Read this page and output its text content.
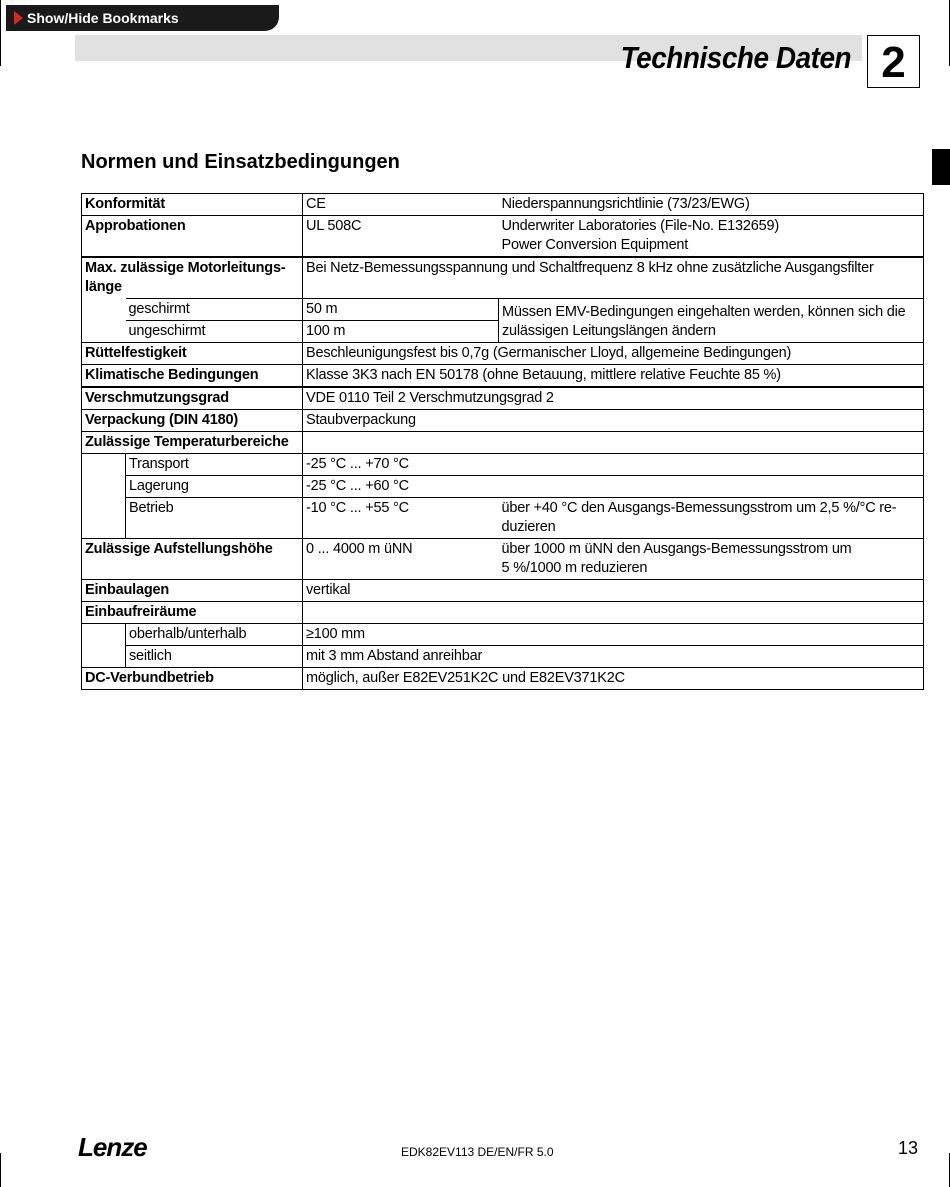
Show/Hide Bookmarks
Technische Daten 2
Normen und Einsatzbedingungen
Konformität		CE	Niederspannungsrichtlinie (73/23/EWG)
Approbationen		UL 508C	Underwriter Laboratories (File-No. E132659)
Power Conversion Equipment

Max. zulässige Motorleitungs-
länge		Bei Netz-Bemessungsspannung und Schaltfrequenz 8 kHz ohne zusätzliche Ausgangsfilter	
	geschirmt	50 m	Müssen EMV-Bedingungen eingehalten werden, können sich die zulässigen Leitungslängen ändern
	ungeschirmt	100 m	
Rüttelfestigkeit		Beschleunigungsfest bis 0,7g (Germanischer Lloyd, allgemeine Bedingungen)	
Klimatische Bedingungen		Klasse 3K3 nach EN 50178 (ohne Betauung, mittlere relative Feuchte 85 %)	
Verschmutzungsgrad		VDE 0110 Teil 2 Verschmutzungsgrad 2	
Verpackung (DIN 4180)		Staubverpackung	
Zulässige Temperaturbereiche			
	Transport	-25 °C ... +70 °C	
	Lagerung	-25 °C ... +60 °C	
	Betrieb	-10 °C ... +55 °C	über +40 °C den Ausgangs-Bemessungsstrom um 2,5 %/°C re-
duzieren

Zulässige Aufstellungshöhe		0 ... 4000 m üNN	über 1000 m üNN den Ausgangs-Bemessungsstrom um
5 %/1000 m reduzieren

Einbaulagen		vertikal	
Einbaufreiräume			
	oberhalb/unterhalb	≥100 mm	
	seitlich	mit 3 mm Abstand anreihbar	
DC-Verbundbetrieb		möglich, außer E82EV251K2C und E82EV371K2C	
Lenze	EDK82EV113 DE/EN/FR 5.0	13
